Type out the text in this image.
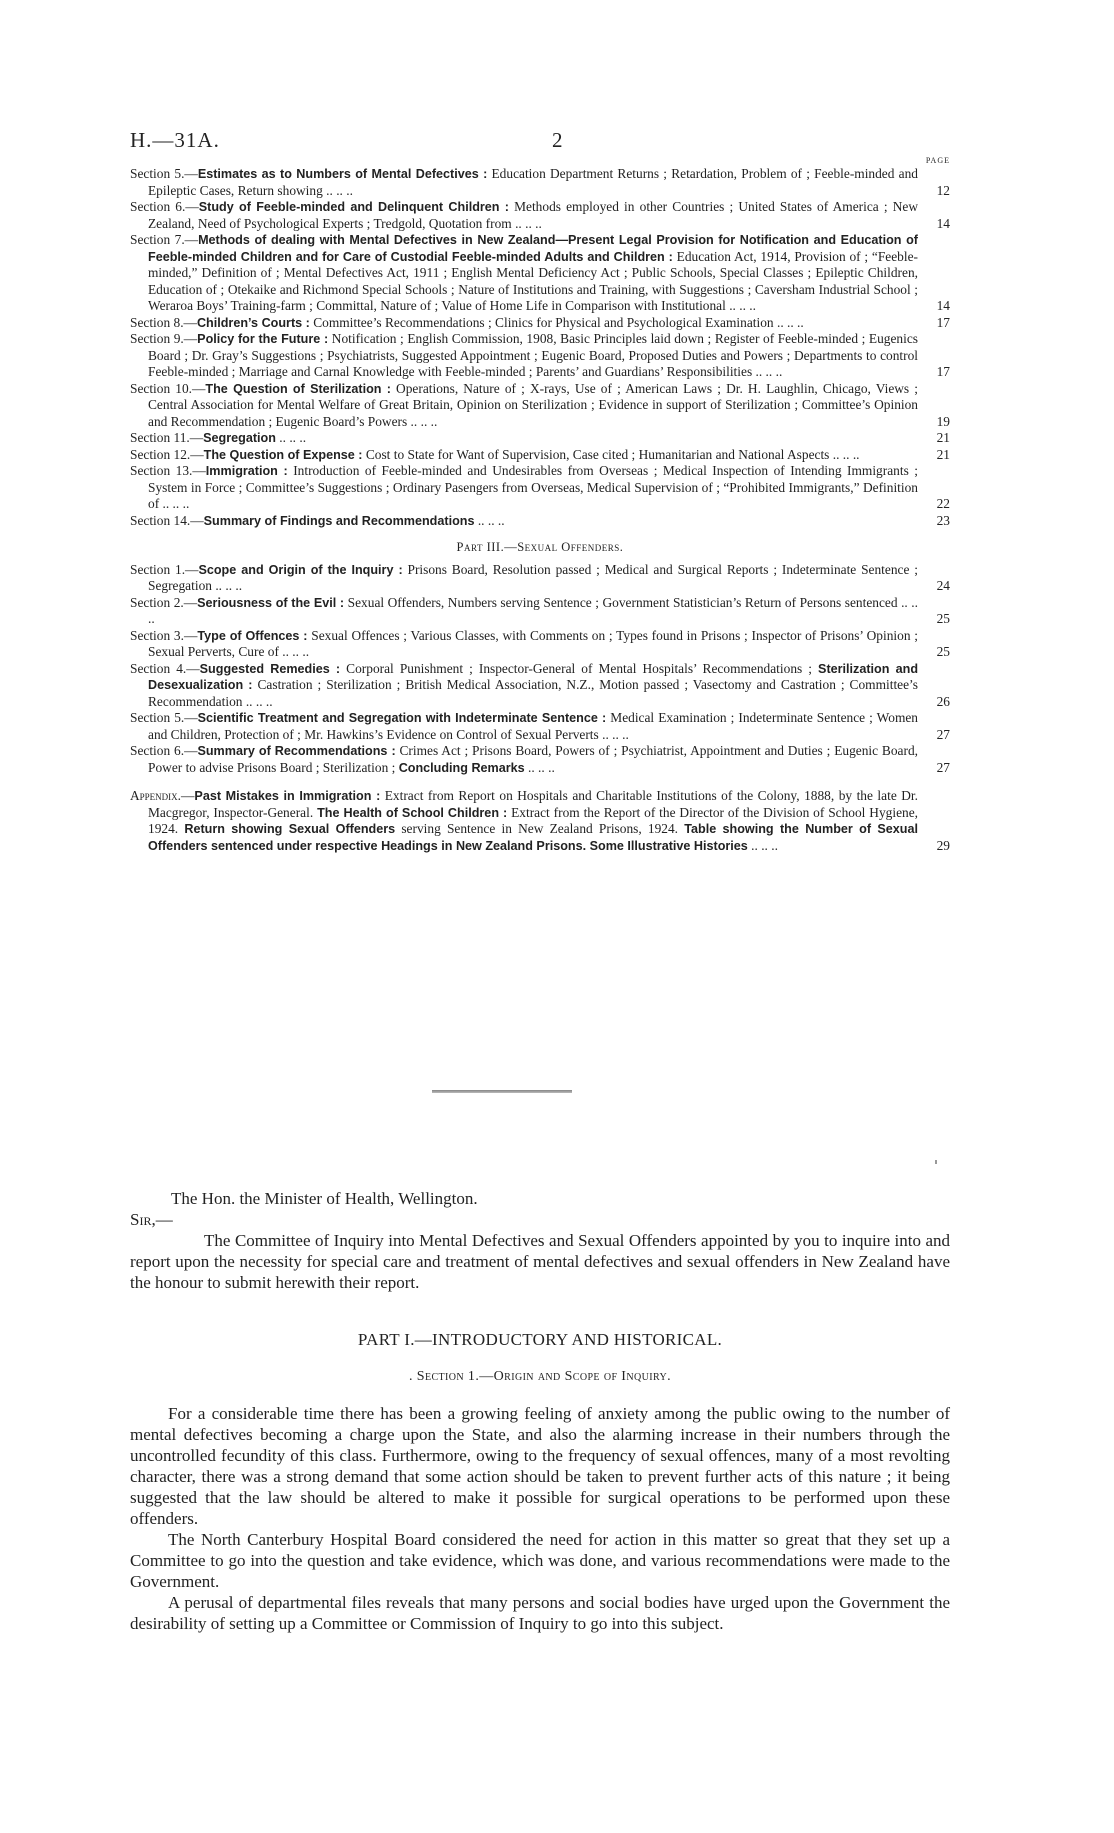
H.—31A.	2
PAGE
Section 5.—Estimates as to Numbers of Mental Defectives : Education Department Returns ; Retardation, Problem of ; Feeble-minded and Epileptic Cases, Return showing .. .. ..	12
Section 6.—Study of Feeble-minded and Delinquent Children : Methods employed in other Countries ; United States of America ; New Zealand, Need of Psychological Experts ; Tredgold, Quotation from .. .. ..	14
Section 7.—Methods of dealing with Mental Defectives in New Zealand—Present Legal Provision for Notification and Education of Feeble-minded Children and for Care of Custodial Feeble-minded Adults and Children : Education Act, 1914, Provision of ; “Feeble-minded,” Definition of ; Mental Defectives Act, 1911 ; English Mental Deficiency Act ; Public Schools, Special Classes ; Epileptic Children, Education of ; Otekaike and Richmond Special Schools ; Nature of Institutions and Training, with Suggestions ; Caversham Industrial School ; Weraroa Boys’ Training-farm ; Committal, Nature of ; Value of Home Life in Comparison with Institutional .. .. ..	14
Section 8.—Children’s Courts : Committee’s Recommendations ; Clinics for Physical and Psychological Examination .. .. ..	17
Section 9.—Policy for the Future : Notification ; English Commission, 1908, Basic Principles laid down ; Register of Feeble-minded ; Eugenics Board ; Dr. Gray’s Suggestions ; Psychiatrists, Suggested Appointment ; Eugenic Board, Proposed Duties and Powers ; Departments to control Feeble-minded ; Marriage and Carnal Knowledge with Feeble-minded ; Parents’ and Guardians’ Responsibilities .. .. ..	17
Section 10.—The Question of Sterilization : Operations, Nature of ; X-rays, Use of ; American Laws ; Dr. H. Laughlin, Chicago, Views ; Central Association for Mental Welfare of Great Britain, Opinion on Sterilization ; Evidence in support of Sterilization ; Committee’s Opinion and Recommendation ; Eugenic Board’s Powers .. .. ..	19
Section 11.—Segregation .. .. ..	21
Section 12.—The Question of Expense : Cost to State for Want of Supervision, Case cited ; Humanitarian and National Aspects .. .. ..	21
Section 13.—Immigration : Introduction of Feeble-minded and Undesirables from Overseas ; Medical Inspection of Intending Immigrants ; System in Force ; Committee’s Suggestions ; Ordinary Pasengers from Overseas, Medical Supervision of ; “Prohibited Immigrants,” Definition of .. .. ..	22
Section 14.—Summary of Findings and Recommendations .. .. ..	23
Part III.—Sexual Offenders.
Section 1.—Scope and Origin of the Inquiry : Prisons Board, Resolution passed ; Medical and Surgical Reports ; Indeterminate Sentence ; Segregation .. .. ..	24
Section 2.—Seriousness of the Evil : Sexual Offenders, Numbers serving Sentence ; Government Statistician’s Return of Persons sentenced .. .. ..	25
Section 3.—Type of Offences : Sexual Offences ; Various Classes, with Comments on ; Types found in Prisons ; Inspector of Prisons’ Opinion ; Sexual Perverts, Cure of .. .. ..	25
Section 4.—Suggested Remedies : Corporal Punishment ; Inspector-General of Mental Hospitals’ Recommendations ; Sterilization and Desexualization : Castration ; Sterilization ; British Medical Association, N.Z., Motion passed ; Vasectomy and Castration ; Committee’s Recommendation .. .. ..	26
Section 5.—Scientific Treatment and Segregation with Indeterminate Sentence : Medical Examination ; Indeterminate Sentence ; Women and Children, Protection of ; Mr. Hawkins’s Evidence on Control of Sexual Perverts .. .. ..	27
Section 6.—Summary of Recommendations : Crimes Act ; Prisons Board, Powers of ; Psychiatrist, Appointment and Duties ; Eugenic Board, Power to advise Prisons Board ; Sterilization ; Concluding Remarks .. .. ..	27
Appendix.—Past Mistakes in Immigration : Extract from Report on Hospitals and Charitable Institutions of the Colony, 1888, by the late Dr. Macgregor, Inspector-General. The Health of School Children : Extract from the Report of the Director of the Division of School Hygiene, 1924. Return showing Sexual Offenders serving Sentence in New Zealand Prisons, 1924. Table showing the Number of Sexual Offenders sentenced under respective Headings in New Zealand Prisons. Some Illustrative Histories .. .. ..	29
The Hon. the Minister of Health, Wellington.
Sir,—
The Committee of Inquiry into Mental Defectives and Sexual Offenders appointed by you to inquire into and report upon the necessity for special care and treatment of mental defectives and sexual offenders in New Zealand have the honour to submit herewith their report.
PART I.—INTRODUCTORY AND HISTORICAL.
. Section 1.—Origin and Scope of Inquiry.
For a considerable time there has been a growing feeling of anxiety among the public owing to the number of mental defectives becoming a charge upon the State, and also the alarming increase in their numbers through the uncontrolled fecundity of this class. Furthermore, owing to the frequency of sexual offences, many of a most revolting character, there was a strong demand that some action should be taken to prevent further acts of this nature ; it being suggested that the law should be altered to make it possible for surgical operations to be performed upon these offenders.
The North Canterbury Hospital Board considered the need for action in this matter so great that they set up a Committee to go into the question and take evidence, which was done, and various recommendations were made to the Government.
A perusal of departmental files reveals that many persons and social bodies have urged upon the Government the desirability of setting up a Committee or Commission of Inquiry to go into this subject.
